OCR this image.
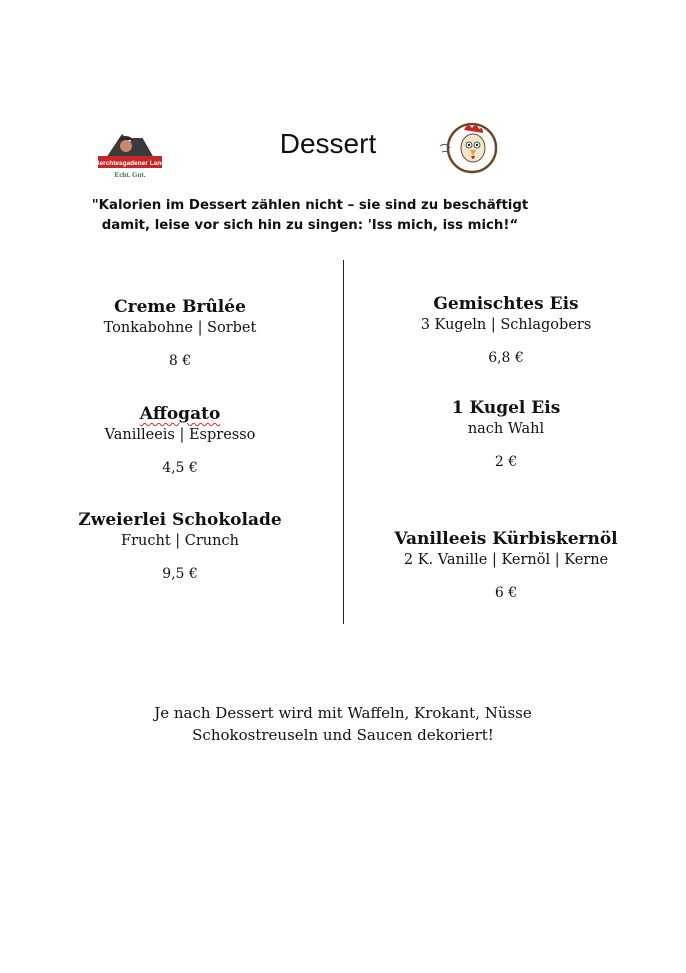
Berchtesgadener Land
Echt. Gut.
Dessert
"Kalorien im Dessert zählen nicht – sie sind zu beschäftigt
damit, leise vor sich hin zu singen: 'Iss mich, iss mich!“
Creme Brûlée
Tonkabohne | Sorbet
8 €
Affogato
Vanilleeis | Espresso
4,5 €
Zweierlei Schokolade
Frucht | Crunch
9,5 €
Gemischtes Eis
3 Kugeln | Schlagobers
6,8 €
1 Kugel Eis
nach Wahl
2 €
Vanilleeis Kürbiskernöl
2 K. Vanille | Kernöl | Kerne
6 €
Je nach Dessert wird mit Waffeln, Krokant, Nüsse
Schokostreuseln und Saucen dekoriert!
